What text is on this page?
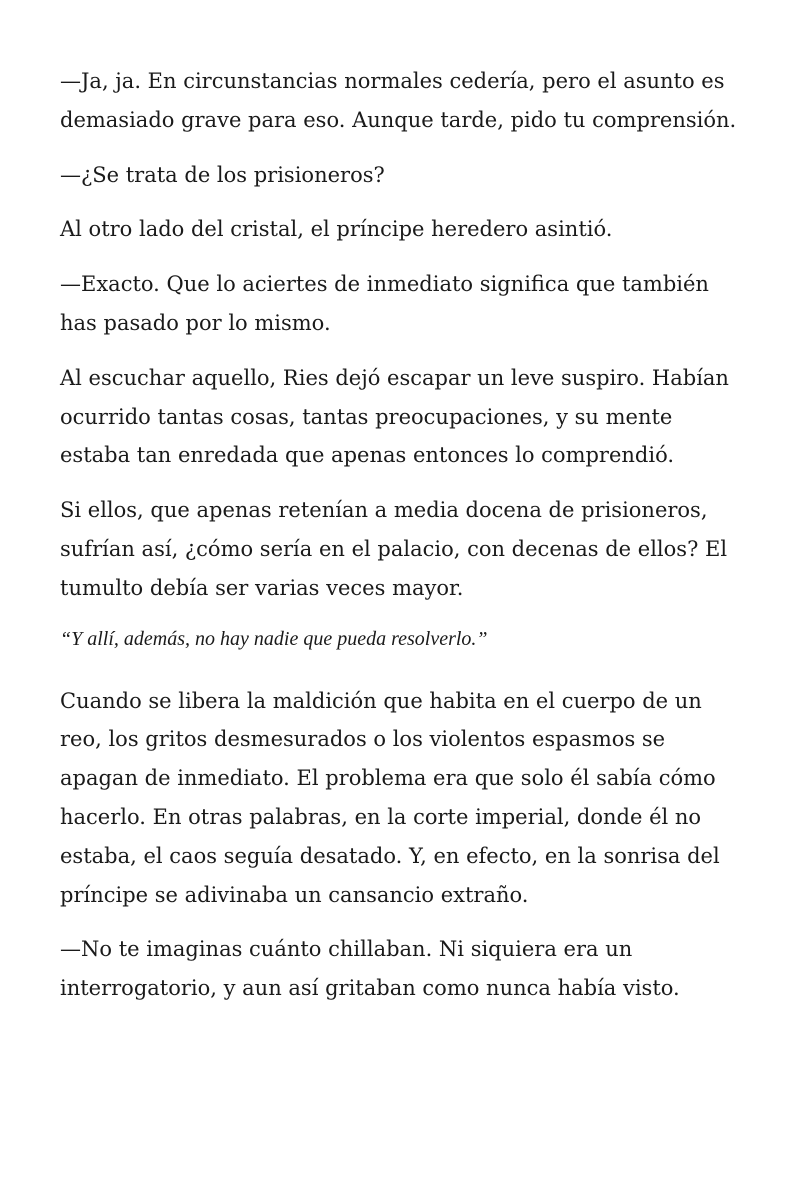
—Ja, ja. En circunstancias normales cedería, pero el asunto es demasiado grave para eso. Aunque tarde, pido tu comprensión.

—¿Se trata de los prisioneros?

Al otro lado del cristal, el príncipe heredero asintió.

—Exacto. Que lo aciertes de inmediato significa que también has pasado por lo mismo.

Al escuchar aquello, Ries dejó escapar un leve suspiro. Habían ocurrido tantas cosas, tantas preocupaciones, y su mente estaba tan enredada que apenas entonces lo comprendió.

Si ellos, que apenas retenían a media docena de prisioneros, sufrían así, ¿cómo sería en el palacio, con decenas de ellos? El tumulto debía ser varias veces mayor.

“Y allí, además, no hay nadie que pueda resolverlo.”

Cuando se libera la maldición que habita en el cuerpo de un reo, los gritos desmesurados o los violentos espasmos se apagan de inmediato. El problema era que solo él sabía cómo hacerlo. En otras palabras, en la corte imperial, donde él no estaba, el caos seguía desatado. Y, en efecto, en la sonrisa del príncipe se adivinaba un cansancio extraño.

—No te imaginas cuánto chillaban. Ni siquiera era un interrogatorio, y aun así gritaban como nunca había visto.
